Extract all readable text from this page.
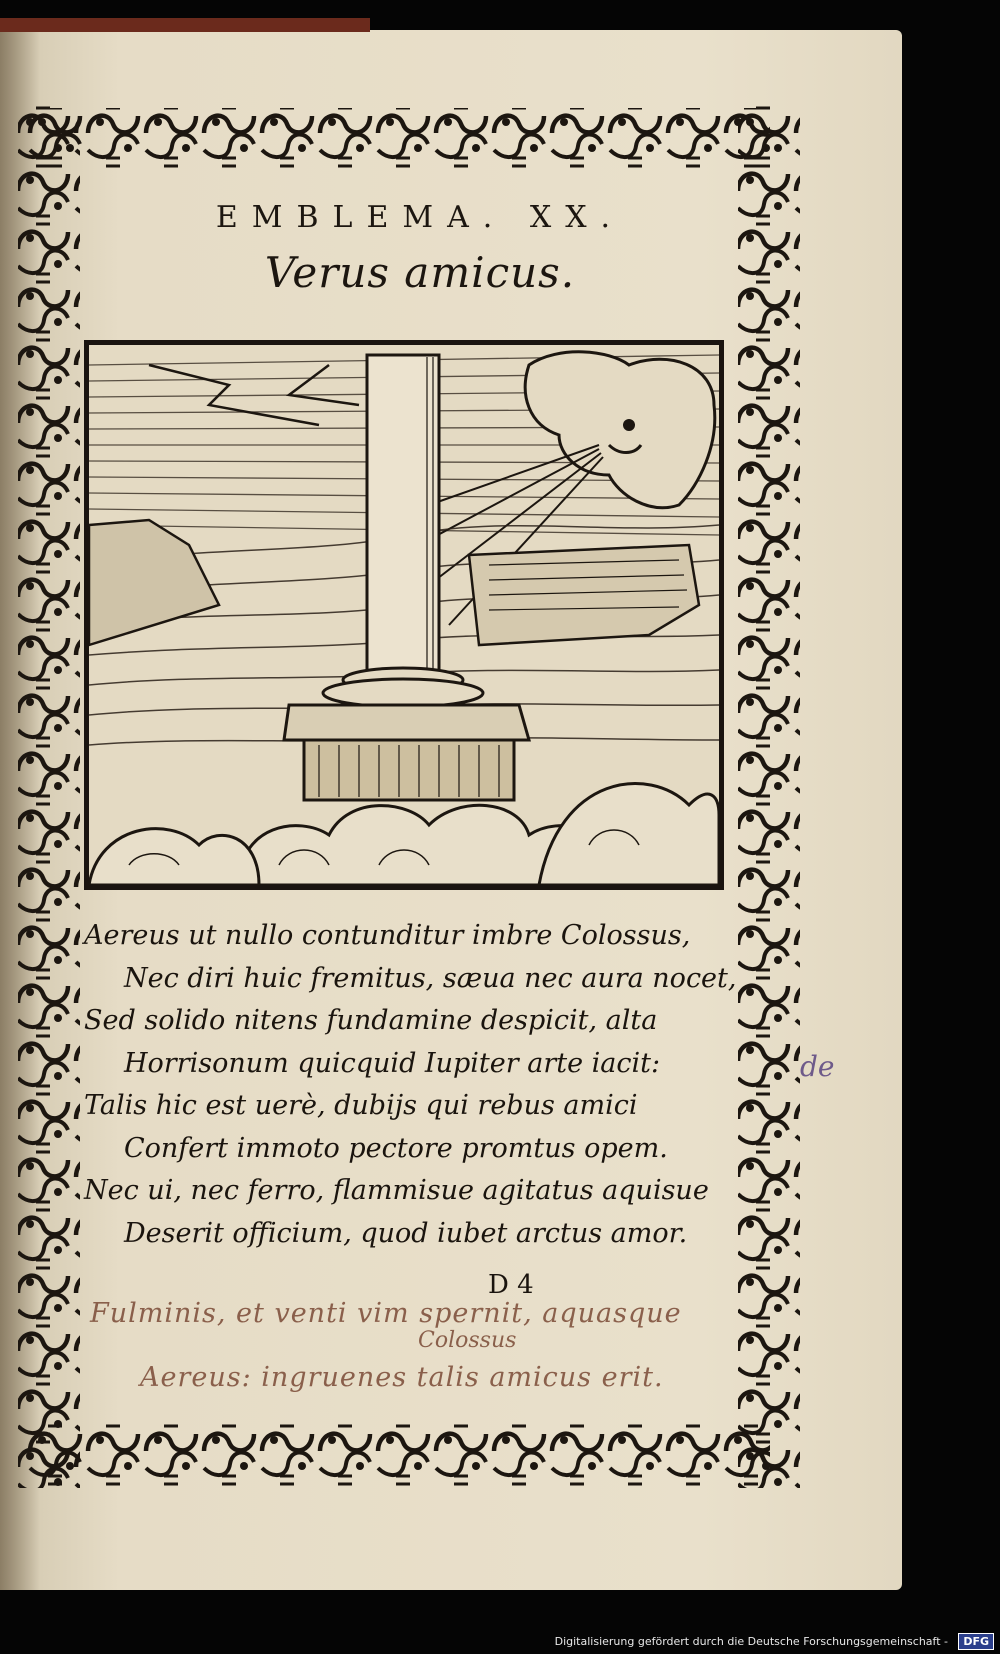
EMBLEMA. XX.
Verus amicus.
Aereus ut nullo contunditur imbre Colossus,
Nec diri huic fremitus, sæua nec aura nocet,
Sed solido nitens fundamine despicit, alta
Horrisonum quicquid Iupiter arte iacit:
Talis hic est uerè, dubijs qui rebus amici
Confert immoto pectore promtus opem.
Nec ui, nec ferro, flammisue agitatus aquisue
Deserit officium, quod iubet arctus amor.
D 4
Fulminis, et venti vim spernit, aquasque
Colossus
Aereus: ingruenes talis amicus erit.
de
Digitalisierung gefördert durch die Deutsche Forschungsgemeinschaft -	DFG
